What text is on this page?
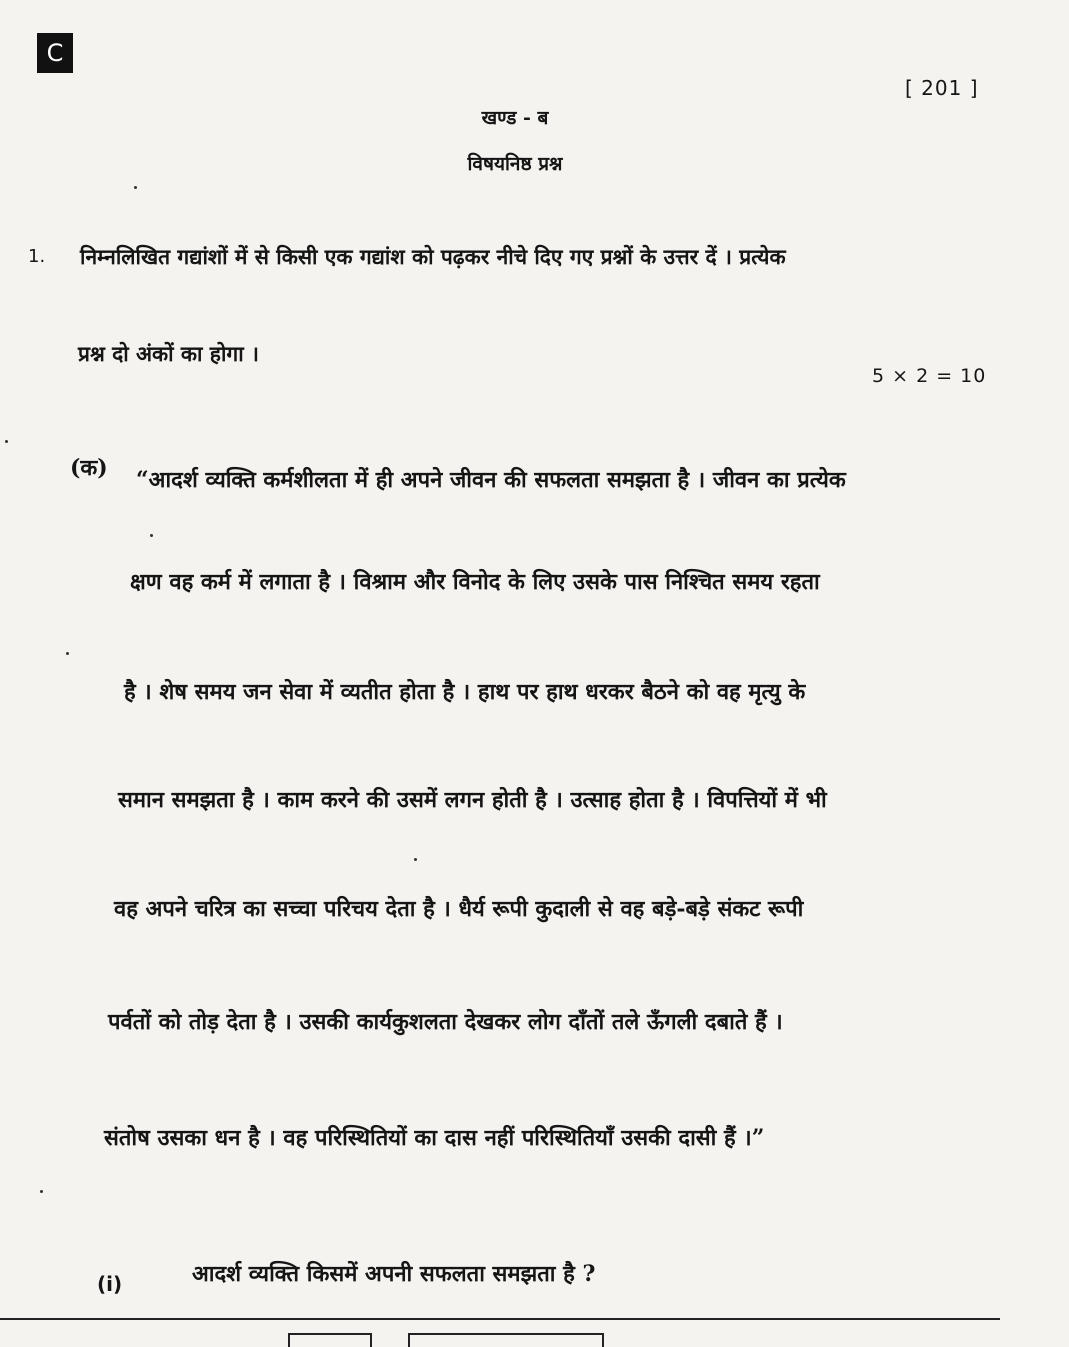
C
[ 201 ]
खण्ड - ब
विषयनिष्ठ प्रश्न
1. निम्नलिखित गद्यांशों में से किसी एक गद्यांश को पढ़कर नीचे दिए गए प्रश्नों के उत्तर दें । प्रत्येक
प्रश्न दो अंकों का होगा ।
5 × 2 = 10
(क) “आदर्श व्यक्ति कर्मशीलता में ही अपने जीवन की सफलता समझता है । जीवन का प्रत्येक
क्षण वह कर्म में लगाता है । विश्राम और विनोद के लिए उसके पास निश्चित समय रहता
है । शेष समय जन सेवा में व्यतीत होता है । हाथ पर हाथ धरकर बैठने को वह मृत्यु के
समान समझता है । काम करने की उसमें लगन होती है । उत्साह होता है । विपत्तियों में भी
वह अपने चरित्र का सच्चा परिचय देता है । धैर्य रूपी कुदाली से वह बड़े-बड़े संकट रूपी
पर्वतों को तोड़ देता है । उसकी कार्यकुशलता देखकर लोग दाँतों तले ऊँगली दबाते हैं ।
संतोष उसका धन है । वह परिस्थितियों का दास नहीं परिस्थितियाँ उसकी दासी हैं ।”
(i)	आदर्श व्यक्ति किसमें अपनी सफलता समझता है ?
